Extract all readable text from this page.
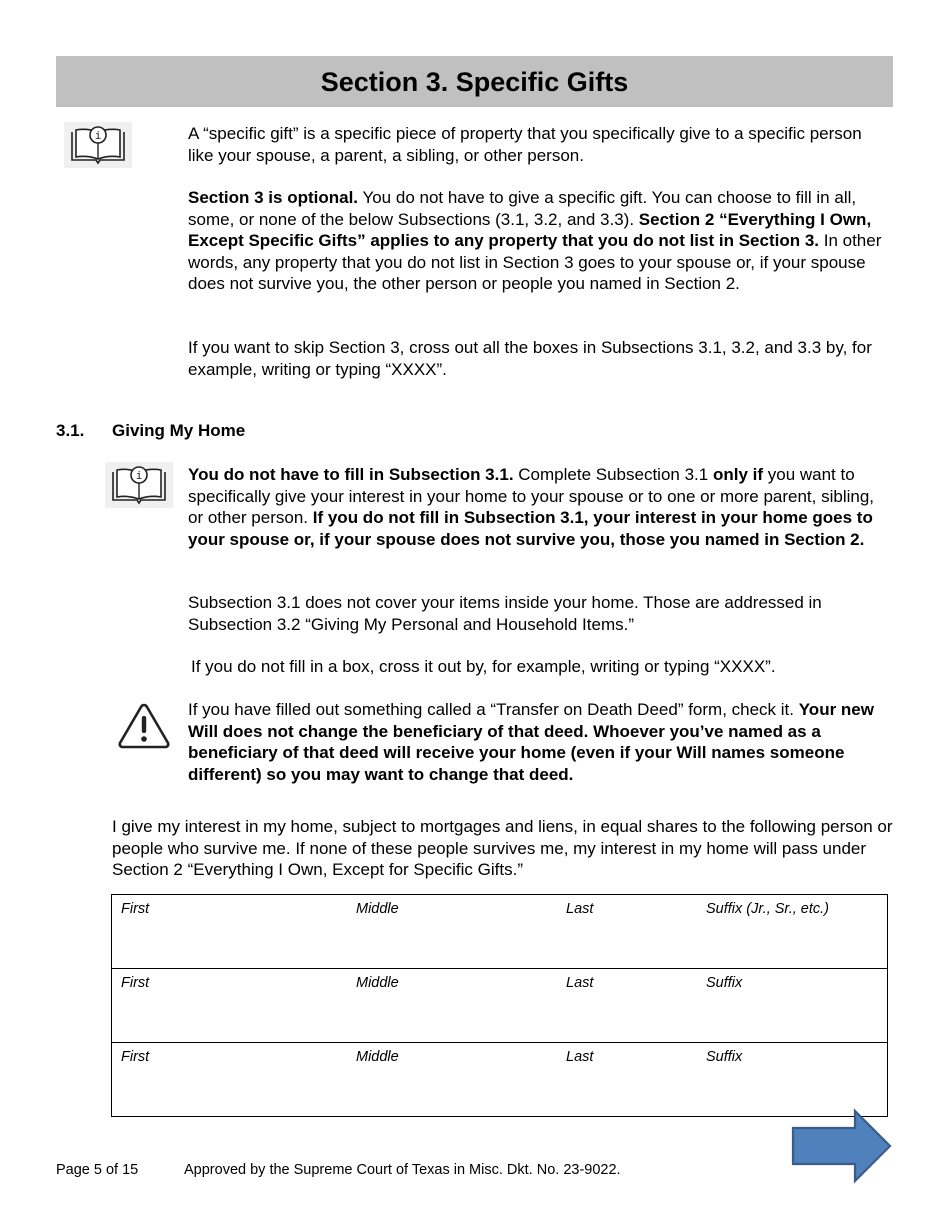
Section 3. Specific Gifts
i	A “specific gift” is a specific piece of property that you specifically give to a specific person like your spouse, a parent, a sibling, or other person.

Section 3 is optional. You do not have to give a specific gift. You can choose to fill in all, some, or none of the below Subsections (3.1, 3.2, and 3.3). Section 2 “Everything I Own, Except Specific Gifts” applies to any property that you do not list in Section 3. In other words, any property that you do not list in Section 3 goes to your spouse or, if your spouse does not survive you, the other person or people you named in Section 2.

If you want to skip Section 3, cross out all the boxes in Subsections 3.1, 3.2, and 3.3 by, for example, writing or typing “XXXX”.

3.1. Giving My Home

i	You do not have to fill in Subsection 3.1. Complete Subsection 3.1 only if you want to specifically give your interest in your home to your spouse or to one or more parent, sibling, or other person. If you do not fill in Subsection 3.1, your interest in your home goes to your spouse or, if your spouse does not survive you, those you named in Section 2.

Subsection 3.1 does not cover your items inside your home. Those are addressed in Subsection 3.2 “Giving My Personal and Household Items.”

If you do not fill in a box, cross it out by, for example, writing or typing “XXXX”.

If you have filled out something called a “Transfer on Death Deed” form, check it. Your new Will does not change the beneficiary of that deed. Whoever you’ve named as a beneficiary of that deed will receive your home (even if your Will names someone different) so you may want to change that deed.

I give my interest in my home, subject to mortgages and liens, in equal shares to the following person or people who survive me. If none of these people survives me, my interest in my home will pass under Section 2 “Everything I Own, Except for Specific Gifts.”

First	Middle	Last	Suffix (Jr., Sr., etc.)
First	Middle	Last	Suffix
First	Middle	Last	Suffix
Page 5 of 15	Approved by the Supreme Court of Texas in Misc. Dkt. No. 23-9022.
